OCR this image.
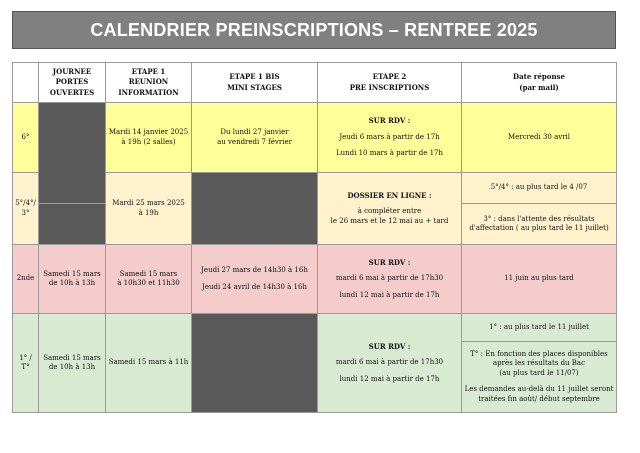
CALENDRIER PREINSCRIPTIONS – RENTREE 2025

	JOURNEE
PORTES
OUVERTES	ETAPE 1
REUNION
INFORMATION	ETAPE 1 BIS
MINI STAGES	ETAPE 2
PRE INSCRIPTIONS	Date réponse
(par mail)

6°		Mardi 14 janvier 2025
à 19h (2 salles)	Du lundi 27 janvier
au vendredi 7 février	SUR RDV :
Jeudi 6 mars à partir de 17h
Lundi 10 mars à partir de 17h	Mercredi 30 avril

5°/4°/
3°		Mardi 25 mars 2025
à 19h		DOSSIER EN LIGNE :
à compléter entre
le 26 mars et le 12 mai au + tard	5°/4° : au plus tard le 4 /07

					3° : dans l'attente des résultats
d'affectation ( au plus tard le 11 juillet)

2nde	Samedi 15 mars
de 10h à 13h	Samedi 15 mars
à 10h30 et 11h30	Jeudi 27 mars de 14h30 à 16h
Jeudi 24 avril de 14h30 à 16h	SUR RDV :
mardi 6 mai à partir de 17h30
lundi 12 mai à partir de 17h	11 juin au plus tard

1° /
T°	Samedi 15 mars
de 10h à 13h	Samedi 15 mars à 11h		SUR RDV :
mardi 6 mai à partir de 17h30
lundi 12 mai à partir de 17h	1° : au plus tard le 11 juillet

					T° : En fonction des places disponibles
après les résultats du Bac
(au plus tard le 11/07)
Les demandes au-delà du 11 juillet seront
traitées fin août/ début septembre
